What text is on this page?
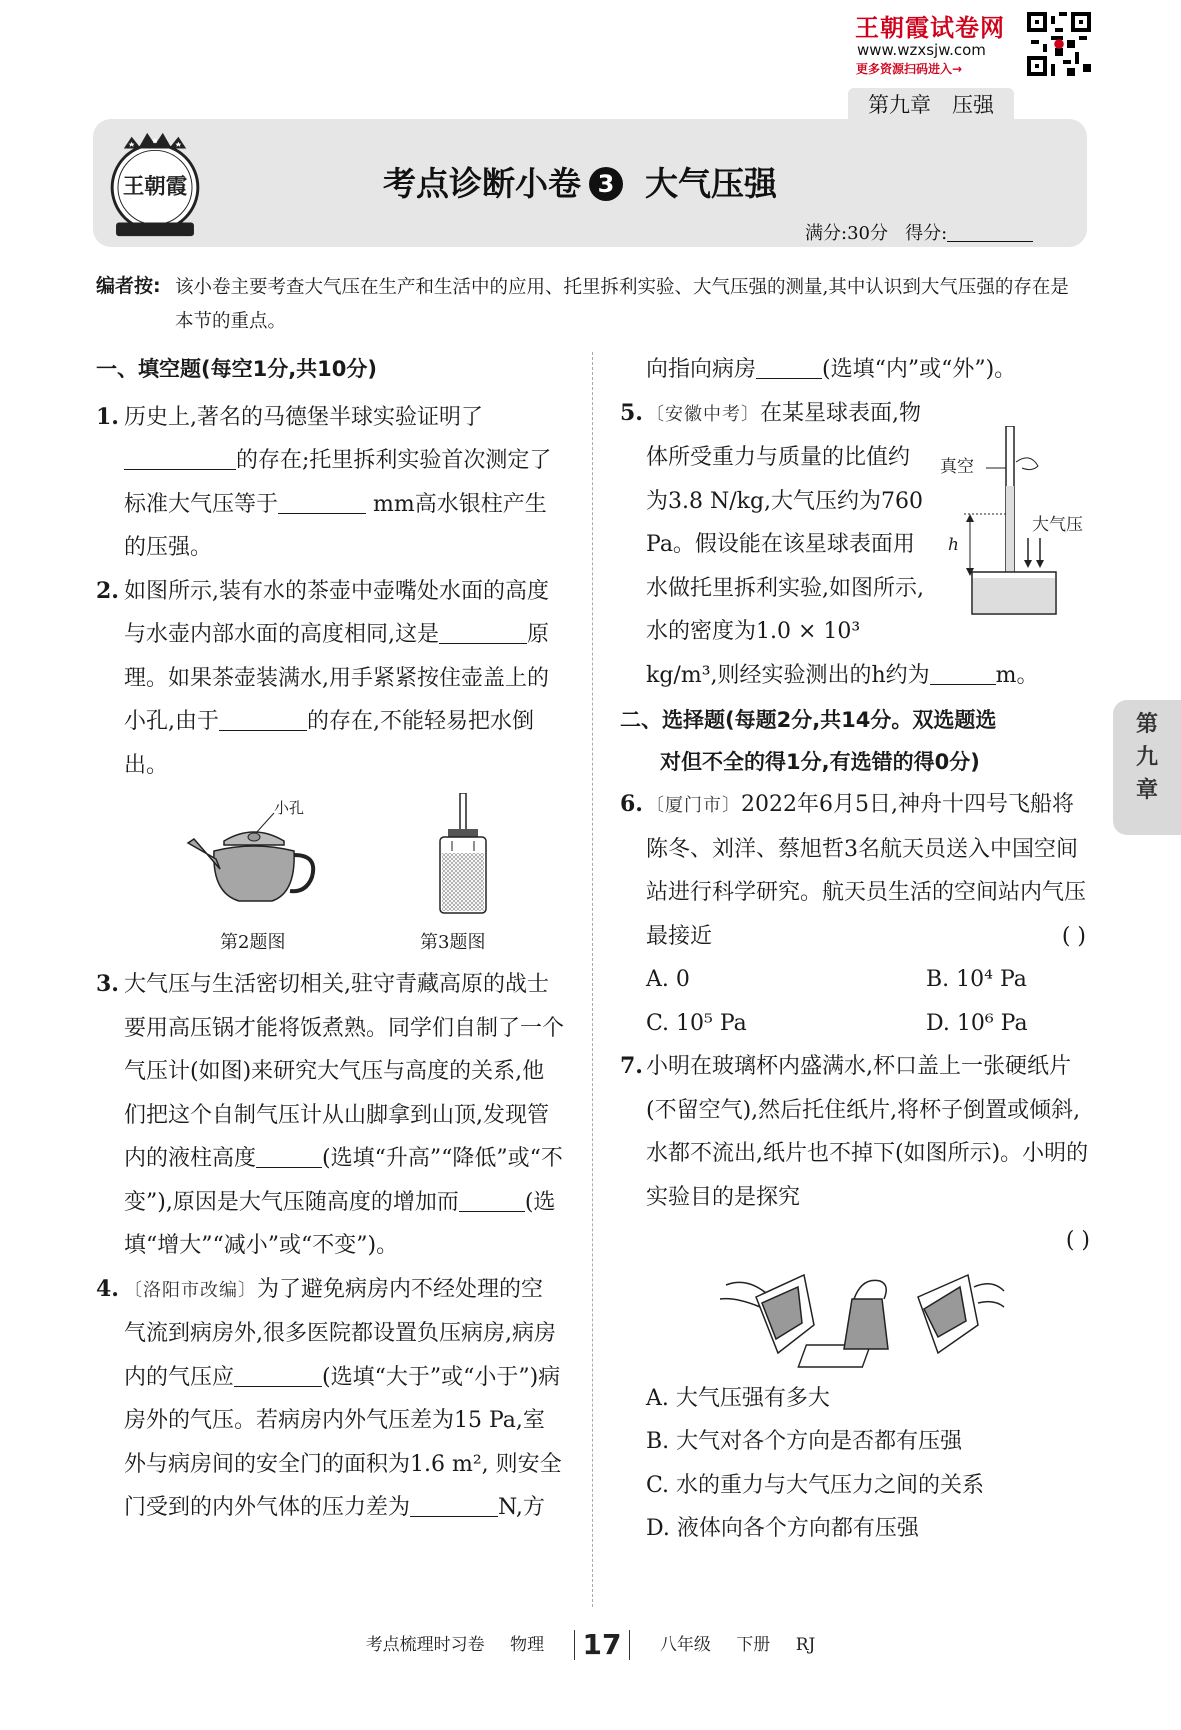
王朝霞试卷网
www.wzxsjw.com
更多资源扫码进入→
第九章　压强
王朝霞	考点诊断小卷 3 大气压强
满分:30分 得分:
编者按: 该小卷主要考查大气压在生产和生活中的应用、托里拆利实验、大气压强的测量,其中认识到大气压强的存在是本节的重点。
第
九
章
一、填空题(每空1分,共10分)
1. 历史上,著名的马德堡半球实验证明了的存在;托里拆利实验首次测定了标准大气压等于	mm高水银柱产生的压强。
2. 如图所示,装有水的茶壶中壶嘴处水面的高度与水壶内部水面的高度相同,这是	原理。如果茶壶装满水,用手紧紧按住壶盖上的小孔,由于	的存在,不能轻易把水倒出。
小孔
第2题图	第3题图
3. 大气压与生活密切相关,驻守青藏高原的战士要用高压锅才能将饭煮熟。同学们自制了一个气压计(如图)来研究大气压与高度的关系,他们把这个自制气压计从山脚拿到山顶,发现管内的液柱高度	(选填“升高”“降低”或“不变”),原因是大气压随高度的增加而	(选填“增大”“减小”或“不变”)。
4. 〔洛阳市改编〕为了避免病房内不经处理的空气流到病房外,很多医院都设置负压病房,病房内的气压应	(选填“大于”或“小于”)病房外的气压。若病房内外气压差为15 Pa,室外与病房间的安全门的面积为1.6 m², 则安全门受到的内外气体的压力差为	N,方
向指向病房	(选填“内”或“外”)。
5.
真空
大气压
h
〔安徽中考〕在某星球表面,物体所受重力与质量的比值约为3.8 N/kg,大气压约为760 Pa。假设能在该星球表面用水做托里拆利实验,如图所示,水的密度为1.0 × 10³ kg/m³,则经实验测出的h约为	m。
二、选择题(每题2分,共14分。双选题选
对但不全的得1分,有选错的得0分)
6. 〔厦门市〕2022年6月5日,神舟十四号飞船将陈冬、刘洋、蔡旭哲3名航天员送入中国空间站进行科学研究。航天员生活的空间站内气压最接近	( )
A. 0	B. 10⁴ Pa
C. 10⁵ Pa	D. 10⁶ Pa
7. 小明在玻璃杯内盛满水,杯口盖上一张硬纸片(不留空气),然后托住纸片,将杯子倒置或倾斜,水都不流出,纸片也不掉下(如图所示)。小明的实验目的是探究
( )
A. 大气压强有多大
B. 大气对各个方向是否都有压强
C. 水的重力与大气压力之间的关系
D. 液体向各个方向都有压强
考点梳理时习卷 物理 17 八年级 下册 RJ
